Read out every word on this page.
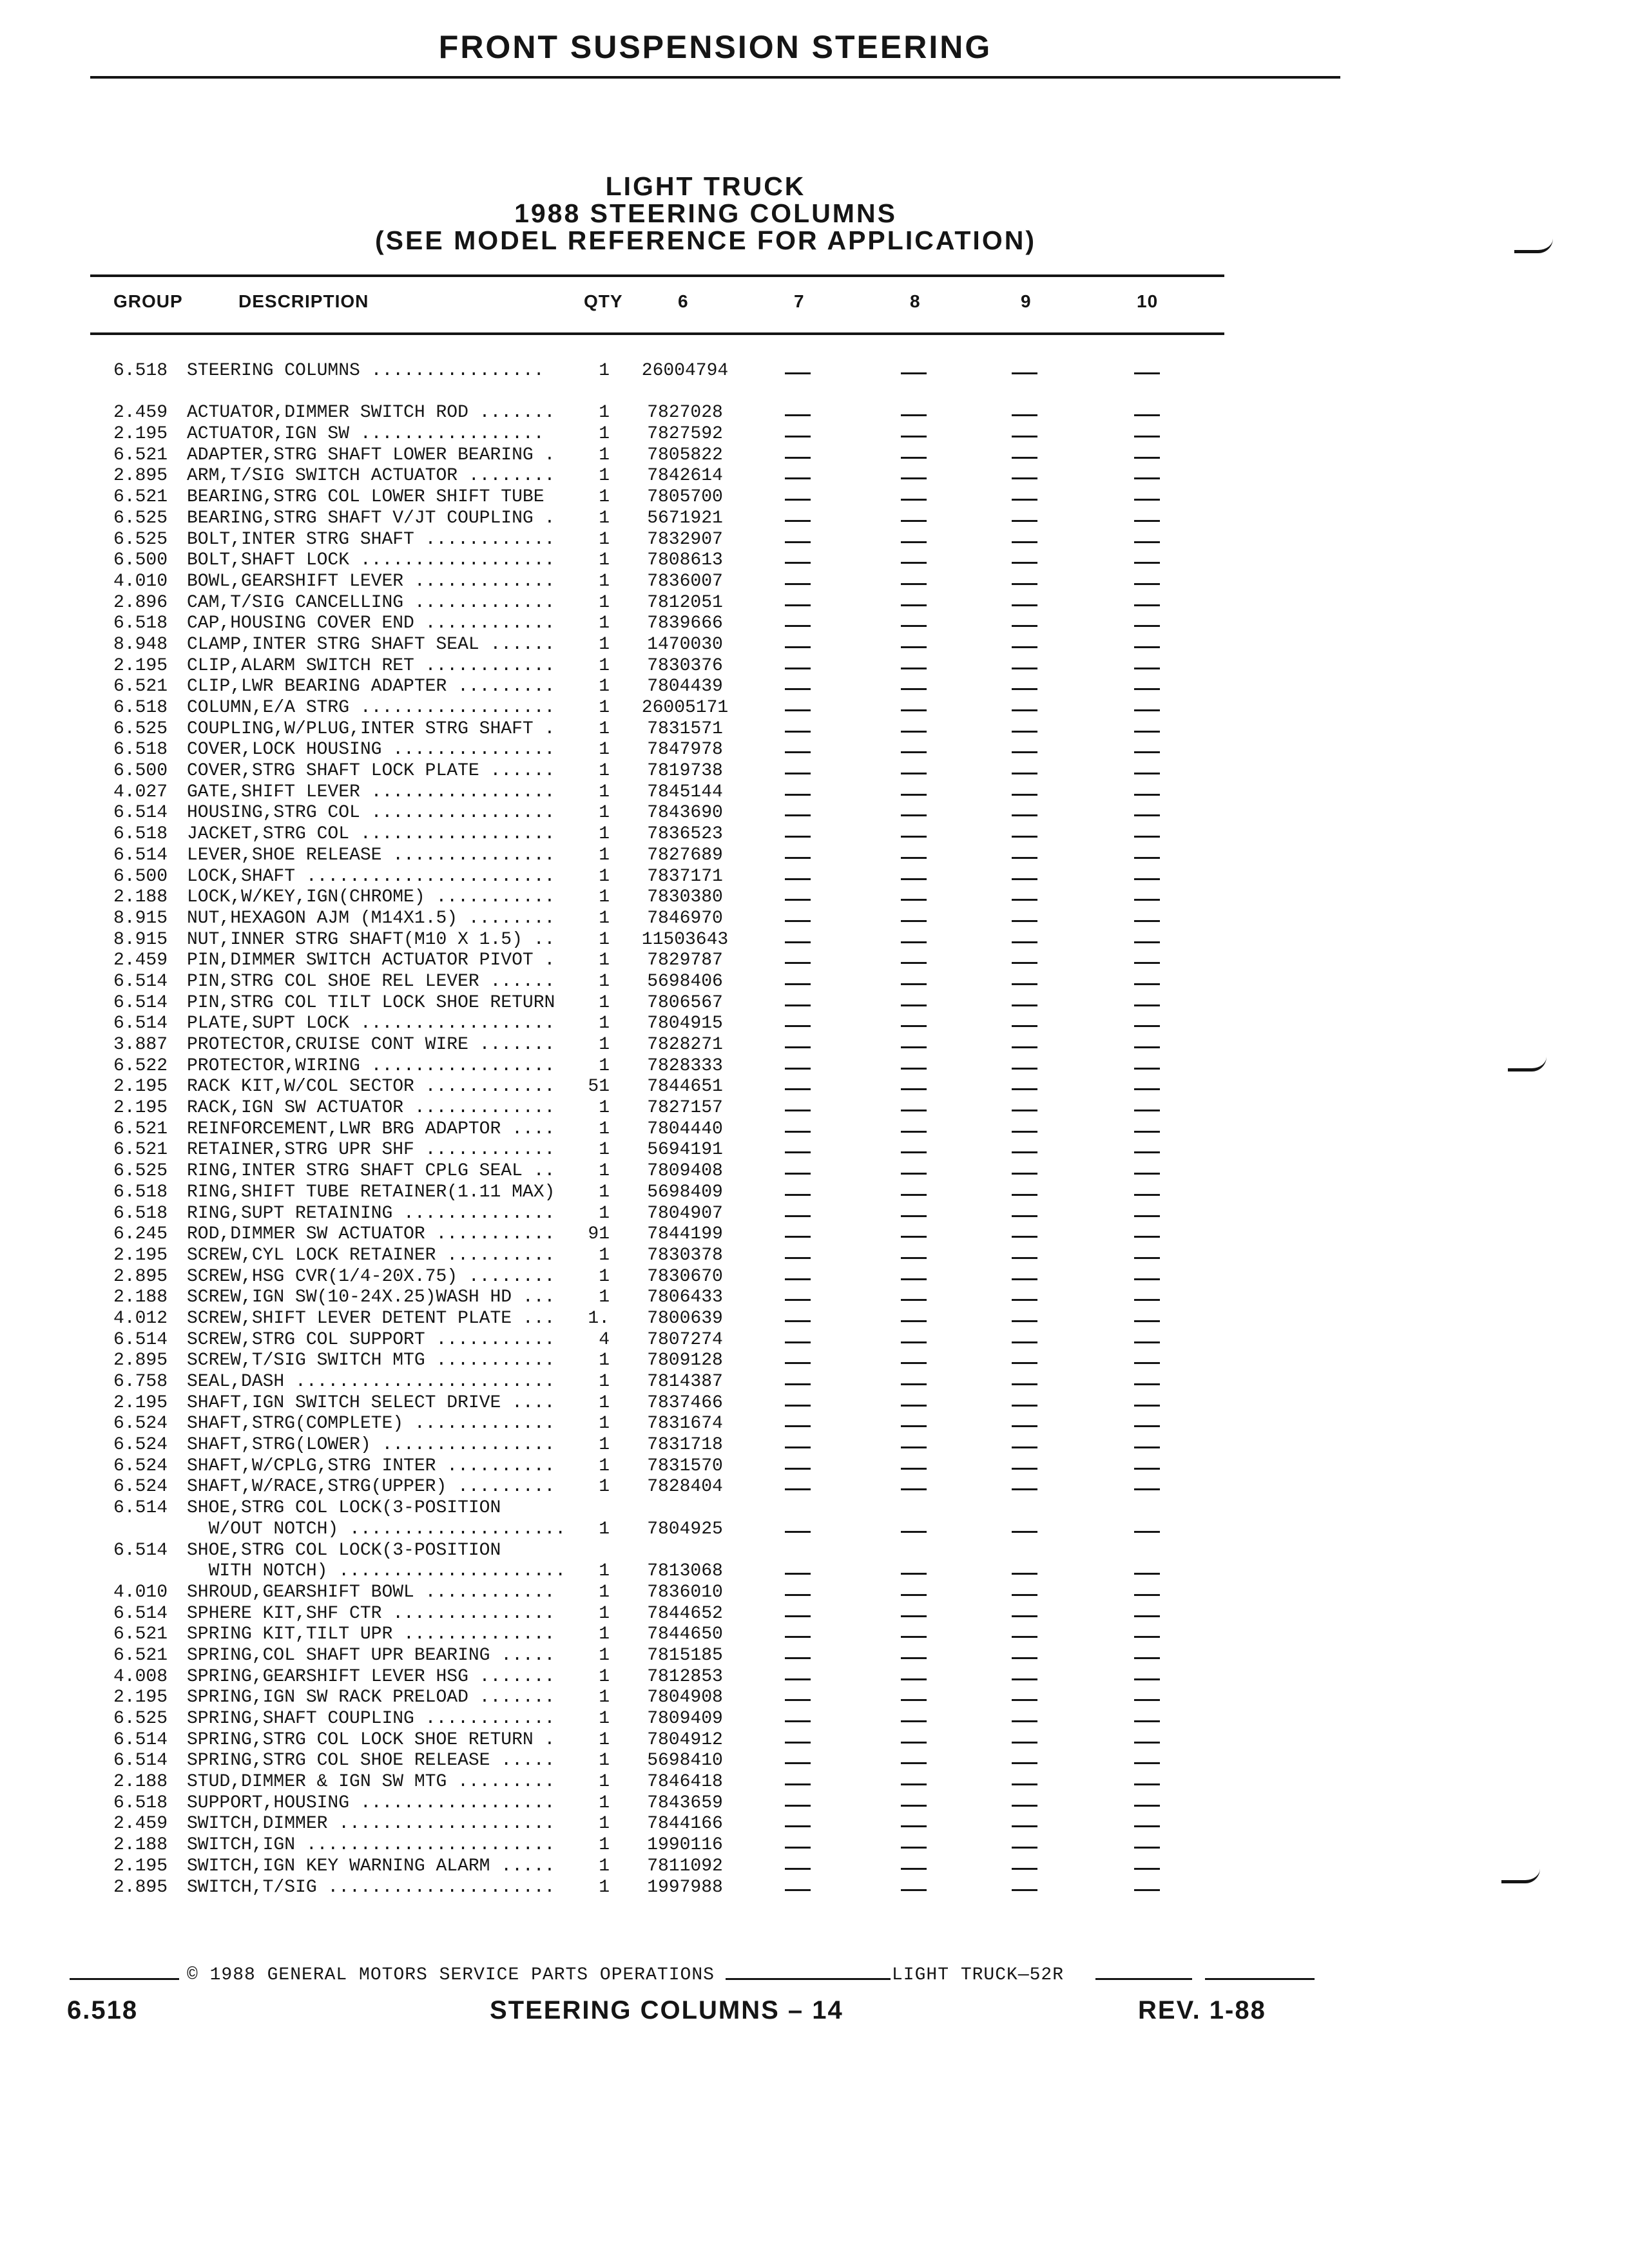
FRONT SUSPENSION STEERING
LIGHT TRUCK
1988 STEERING COLUMNS
(SEE MODEL REFERENCE FOR APPLICATION)
GROUP	DESCRIPTION	QTY	6	7	8	9	10
6.518 STEERING COLUMNS ................	1	26004794
2.459 ACTUATOR,DIMMER SWITCH ROD .......	1	7827028
2.195 ACTUATOR,IGN SW .................	1	7827592
6.521 ADAPTER,STRG SHAFT LOWER BEARING .	1	7805822
2.895 ARM,T/SIG SWITCH ACTUATOR ........	1	7842614
6.521 BEARING,STRG COL LOWER SHIFT TUBE	1	7805700
6.525 BEARING,STRG SHAFT V/JT COUPLING .	1	5671921
6.525 BOLT,INTER STRG SHAFT ............	1	7832907
6.500 BOLT,SHAFT LOCK ..................	1	7808613
4.010 BOWL,GEARSHIFT LEVER .............	1	7836007
2.896 CAM,T/SIG CANCELLING .............	1	7812051
6.518 CAP,HOUSING COVER END ............	1	7839666
8.948 CLAMP,INTER STRG SHAFT SEAL ......	1	1470030
2.195 CLIP,ALARM SWITCH RET ............	1	7830376
6.521 CLIP,LWR BEARING ADAPTER .........	1	7804439
6.518 COLUMN,E/A STRG ..................	1	26005171
6.525 COUPLING,W/PLUG,INTER STRG SHAFT .	1	7831571
6.518 COVER,LOCK HOUSING ...............	1	7847978
6.500 COVER,STRG SHAFT LOCK PLATE ......	1	7819738
4.027 GATE,SHIFT LEVER .................	1	7845144
6.514 HOUSING,STRG COL .................	1	7843690
6.518 JACKET,STRG COL ..................	1	7836523
6.514 LEVER,SHOE RELEASE ...............	1	7827689
6.500 LOCK,SHAFT .......................	1	7837171
2.188 LOCK,W/KEY,IGN(CHROME) ...........	1	7830380
8.915 NUT,HEXAGON AJM (M14X1.5) ........	1	7846970
8.915 NUT,INNER STRG SHAFT(M10 X 1.5) ..	1	11503643
2.459 PIN,DIMMER SWITCH ACTUATOR PIVOT .	1	7829787
6.514 PIN,STRG COL SHOE REL LEVER ......	1	5698406
6.514 PIN,STRG COL TILT LOCK SHOE RETURN	1	7806567
6.514 PLATE,SUPT LOCK ..................	1	7804915
3.887 PROTECTOR,CRUISE CONT WIRE .......	1	7828271
6.522 PROTECTOR,WIRING .................	1	7828333
2.195 RACK KIT,W/COL SECTOR ............	51	7844651
2.195 RACK,IGN SW ACTUATOR .............	1	7827157
6.521 REINFORCEMENT,LWR BRG ADAPTOR ....	1	7804440
6.521 RETAINER,STRG UPR SHF ............	1	5694191
6.525 RING,INTER STRG SHAFT CPLG SEAL ..	1	7809408
6.518 RING,SHIFT TUBE RETAINER(1.11 MAX)	1	5698409
6.518 RING,SUPT RETAINING ..............	1	7804907
6.245 ROD,DIMMER SW ACTUATOR ...........	91	7844199
2.195 SCREW,CYL LOCK RETAINER ..........	1	7830378
2.895 SCREW,HSG CVR(1/4-20X.75) ........	1	7830670
2.188 SCREW,IGN SW(10-24X.25)WASH HD ...	1	7806433
4.012 SCREW,SHIFT LEVER DETENT PLATE ...	1.	7800639
6.514 SCREW,STRG COL SUPPORT ...........	4	7807274
2.895 SCREW,T/SIG SWITCH MTG ...........	1	7809128
6.758 SEAL,DASH ........................	1	7814387
2.195 SHAFT,IGN SWITCH SELECT DRIVE ....	1	7837466
6.524 SHAFT,STRG(COMPLETE) .............	1	7831674
6.524 SHAFT,STRG(LOWER) ................	1	7831718
6.524 SHAFT,W/CPLG,STRG INTER ..........	1	7831570
6.524 SHAFT,W/RACE,STRG(UPPER) .........	1	7828404
6.514 SHOE,STRG COL LOCK(3-POSITION
W/OUT NOTCH) ....................	1	7804925
6.514 SHOE,STRG COL LOCK(3-POSITION
WITH NOTCH) .....................	1	7813068
4.010 SHROUD,GEARSHIFT BOWL ............	1	7836010
6.514 SPHERE KIT,SHF CTR ...............	1	7844652
6.521 SPRING KIT,TILT UPR ..............	1	7844650
6.521 SPRING,COL SHAFT UPR BEARING .....	1	7815185
4.008 SPRING,GEARSHIFT LEVER HSG .......	1	7812853
2.195 SPRING,IGN SW RACK PRELOAD .......	1	7804908
6.525 SPRING,SHAFT COUPLING ............	1	7809409
6.514 SPRING,STRG COL LOCK SHOE RETURN .	1	7804912
6.514 SPRING,STRG COL SHOE RELEASE .....	1	5698410
2.188 STUD,DIMMER & IGN SW MTG .........	1	7846418
6.518 SUPPORT,HOUSING ..................	1	7843659
2.459 SWITCH,DIMMER ....................	1	7844166
2.188 SWITCH,IGN .......................	1	1990116
2.195 SWITCH,IGN KEY WARNING ALARM .....	1	7811092
2.895 SWITCH,T/SIG .....................	1	1997988
© 1988 GENERAL MOTORS SERVICE PARTS OPERATIONS	LIGHT TRUCK—52R
6.518	STEERING COLUMNS – 14	REV. 1-88
